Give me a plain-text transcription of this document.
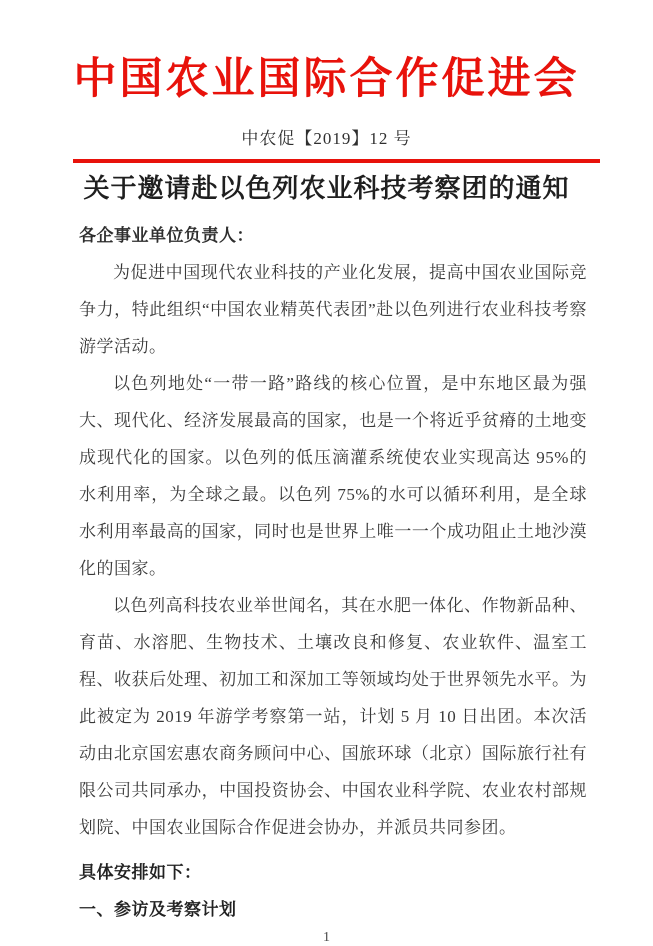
中国农业国际合作促进会
中农促【2019】12 号
关于邀请赴以色列农业科技考察团的通知

各企事业单位负责人：

为促进中国现代农业科技的产业化发展，提高中国农业国际竞争力，特此组织“中国农业精英代表团”赴以色列进行农业科技考察游学活动。

以色列地处“一带一路”路线的核心位置，是中东地区最为强大、现代化、经济发展最高的国家，也是一个将近乎贫瘠的土地变成现代化的国家。以色列的低压滴灌系统使农业实现高达 95%的水利用率，为全球之最。以色列 75%的水可以循环利用，是全球水利用率最高的国家，同时也是世界上唯一一个成功阻止土地沙漠化的国家。

以色列高科技农业举世闻名，其在水肥一体化、作物新品种、育苗、水溶肥、生物技术、土壤改良和修复、农业软件、温室工程、收获后处理、初加工和深加工等领域均处于世界领先水平。为此被定为 2019 年游学考察第一站，计划 5 月 10 日出团。本次活动由北京国宏惠农商务顾问中心、国旅环球（北京）国际旅行社有限公司共同承办，中国投资协会、中国农业科学院、农业农村部规划院、中国农业国际合作促进会协办，并派员共同参团。

具体安排如下：

一、参访及考察计划

1
